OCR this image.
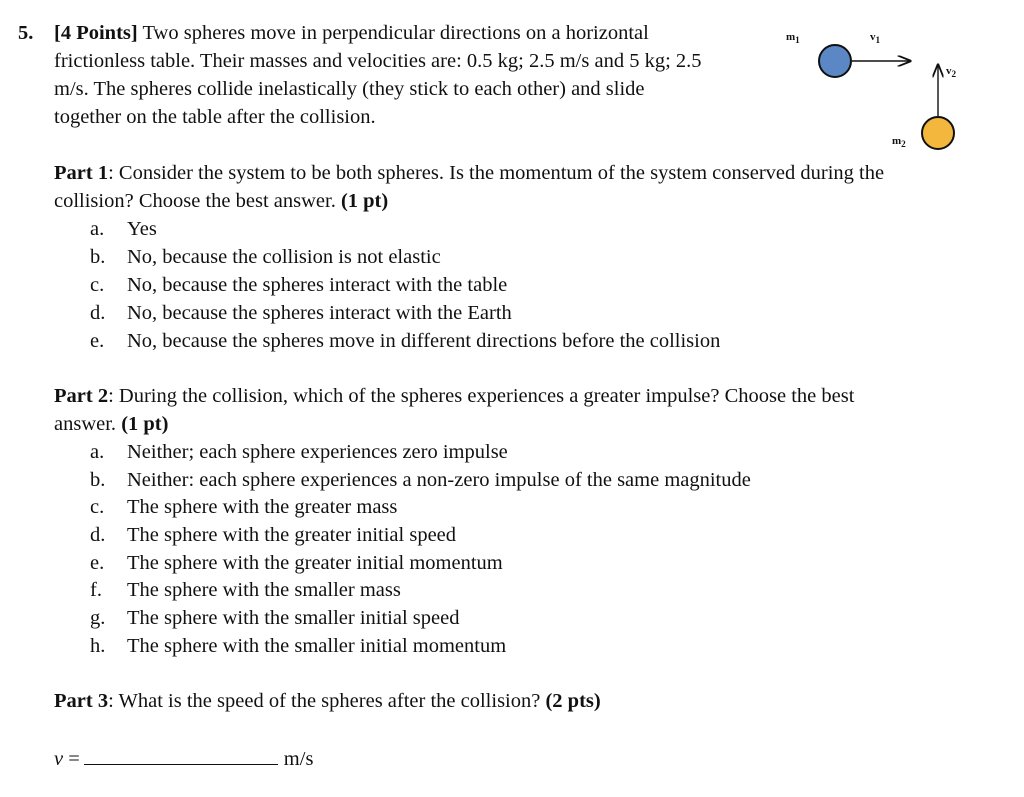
5. [4 Points] Two spheres move in perpendicular directions on a horizontal
frictionless table. Their masses and velocities are: 0.5 kg; 2.5 m/s and 5 kg; 2.5
m/s. The spheres collide inelastically (they stick to each other) and slide
together on the table after the collision.
$m_1$	$v_1$
$v_2$
$m_2$
Part 1: Consider the system to be both spheres. Is the momentum of the system conserved during the
collision? Choose the best answer. (1 pt)
a.	Yes
b.	No, because the collision is not elastic
c.	No, because the spheres interact with the table
d.	No, because the spheres interact with the Earth
e.	No, because the spheres move in different directions before the collision
Part 2: During the collision, which of the spheres experiences a greater impulse? Choose the best
answer. (1 pt)
a.	Neither; each sphere experiences zero impulse
b.	Neither: each sphere experiences a non-zero impulse of the same magnitude
c.	The sphere with the greater mass
d.	The sphere with the greater initial speed
e.	The sphere with the greater initial momentum
f.	The sphere with the smaller mass
g.	The sphere with the smaller initial speed
h.	The sphere with the smaller initial momentum
Part 3: What is the speed of the spheres after the collision? (2 pts)
v =	m/s
